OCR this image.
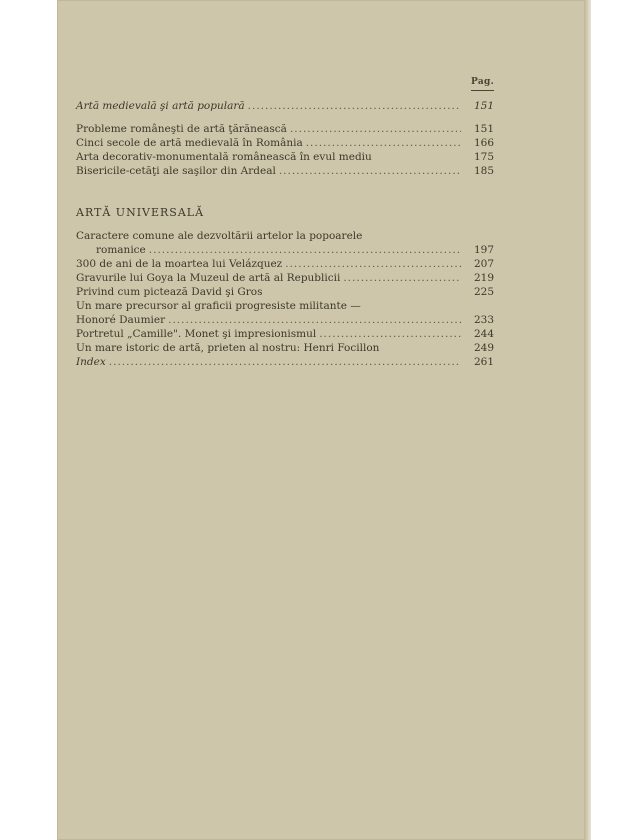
Pag.
Artă medievală şi artă populară .....	151
Probleme româneşti de artă ţărănească .....	151
Cinci secole de artă medievală în România .....	166
Arta decorativ-monumentală românească în evul mediu	175
Bisericile-cetăţi ale saşilor din Ardeal .....	185
ARTĂ UNIVERSALĂ
Caractere comune ale dezvoltării artelor la popoarele
romanice .....	197
300 de ani de la moartea lui Velázquez .....	207
Gravurile lui Goya la Muzeul de artă al Republicii .....	219
Privind cum pictează David şi Gros	225
Un mare precursor al graficii progresiste militante —
Honoré Daumier .....	233
Portretul „Camille". Monet şi impresionismul .....	244
Un mare istoric de artă, prieten al nostru: Henri Focillon	249
Index .....	261
